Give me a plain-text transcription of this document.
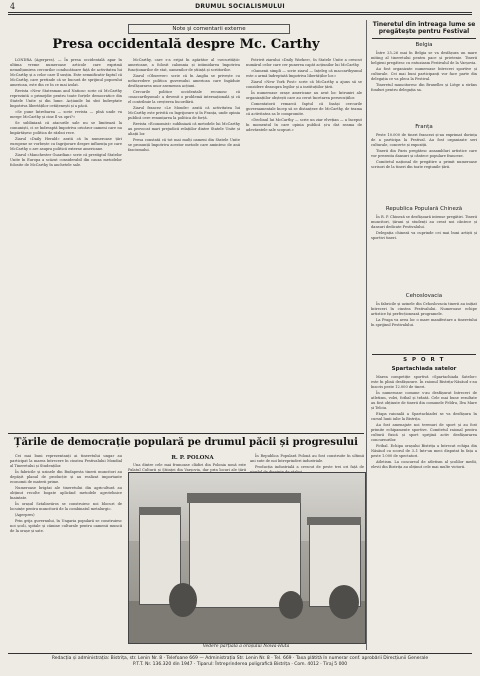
4	DRUMUL SOCIALISMULUI
Note şi comentarii externe
Presa occidentală despre Mc. Carthy

LONDRA (Agerpres). — În presa occidentală apar în ultima vreme numeroase articole care exprimă nemulțumirea cercurilor conducătoare față de activitatea lui McCarthy și a celor care îl susțin. Este semnificativ faptul că McCarthy, care pretinde că se bucură de sprijinul poporului american, este din ce în ce mai izolat.

Revista «New Statesman and Nation» scrie că McCarthy reprezintă o primejdie pentru toate forțele democratice din Statele Unite și din lume. Acțiunile lui sînt îndreptate împotriva libertăților cetățenești și a păcii.

«Se pune întrebarea — scrie revista — pînă unde va merge McCarthy și cine îl va opri?»

Se subliniază că atacurile sale nu se limitează la comuniști, ci se îndreaptă împotriva oricăror oameni care nu împărtășesc politica de război rece.

Ziarul «Daily Herald» arată că în numeroase țări europene se vorbește cu îngrijorare despre influența pe care McCarthy o are asupra politicii externe americane.

Ziarul «Manchester Guardian» scrie că prestigiul Statelor Unite în Europa a scăzut considerabil din cauza metodelor folosite de McCarthy în anchetele sale.

McCarthy, care s-a erijat în apărător al «securității» americane, a folosit calomnia și intimidarea împotriva funcționarilor de stat, oamenilor de știință și scriitorilor.

Ziarul «Observer» scrie că în Anglia se privește cu neîncredere politica guvernului american care îngăduie desfășurarea unor asemenea acțiuni.

Cercurile politice occidentale recunosc că «maccarthysmul» a devenit o problemă internațională și că el contribuie la creșterea încordării.

Ziarul francez «Le Monde» arată că activitatea lui McCarthy este privită cu îngrijorare și în Franța, unde opinia publică cere renunțarea la politica de forță.

Revista «Economist» subliniază că metodele lui McCarthy au provocat mari prejudicii relațiilor dintre Statele Unite și aliații lor.

Presa constată că tot mai mulți oameni din Statele Unite se pronunță împotriva acestor metode care amintesc de anii fascismului.

Potrivit ziarului «Daily Worker», în Statele Unite a crescut numărul celor care cer punerea capăt acțiunilor lui McCarthy.

«Oamenii simpli — scrie ziarul — înțeleg că maccarthysmul este o armă îndreptată împotriva libertăților lor.»

Ziarul «New York Post» scrie că McCarthy a ajuns să se considere deasupra legilor și a instituțiilor țării.

În numeroase orașe americane au avut loc întruniri ale organizațiilor obștești care au cerut încetarea persecuțiilor.

Comentatorii remarcă faptul că însăși cercurile guvernamentale încep să se distanțeze de McCarthy, de teama că activitatea sa le compromite.

«Declinul lui McCarthy — scrie un ziar elvețian — a început în momentul în care opinia publică și-a dat seama de adevăratele sale scopuri.»

Tineretul din întreaga lume se pregătește pentru Festival
Belgia

Între 25–26 mai în Belgia se va desfășura un mare miting al tineretului pentru pace și prietenie. Tinerii belgieni pregătesc cu entuziasm Festivalul de la Varșovia.

Au fost organizate numeroase întreceri sportive și culturale. Cei mai buni participanți vor face parte din delegația ce va pleca la Festival.

Tineretul muncitoresc din Bruxelles și Liège a strâns fonduri pentru delegația sa.

Franța

Peste 10.000 de tineri francezi și-au exprimat dorința de a participa la Festival. Au fost organizate seri culturale, concerte și expoziții.

Tinerii din Paris pregătesc ansambluri artistice care vor prezenta dansuri și cântece populare franceze.

Comitetul național de pregătire a primit numeroase scrisori de la tineri din toate regiunile țării.

Republica Populară Chineză

În R. P. Chineză se desfășoară intense pregătiri. Tinerii muncitori, țărani și studenți au creat noi cântece și dansuri dedicate Festivalului.

Delegația chineză va cuprinde cei mai buni artiști și sportivi tineri.

Cehoslovacia

În fabricile și uzinele din Cehoslovacia tinerii au inițiat întreceri în cinstea Festivalului. Numeroase echipe artistice își perfecționează programele.

La Praga va avea loc o mare manifestare a tineretului în sprijinul Festivalului.

S P O R T
Spartachiada satelor

Marea competiție sportivă «Spartachiada Satelor» este în plină desfășurare. În raionul Bistrița-Năsăud s-au înscris peste 12.000 de tineri.

În numeroase comune s-au desfășurat întreceri de atletism, volei, fotbal și trântă. Cele mai bune rezultate au fost obținute de tinerii din comunele Feldru, Ilva Mare și Telciu.

Etapa raională a Spartachiadei se va desfășura în cursul lunii iulie la Bistrița.

Au fost amenajate noi terenuri de sport și au fost primite echipamente sportive. Comitetul raional pentru cultură fizică și sport sprijină activ desfășurarea concursurilor.

Fotbal. Echipa orașului Bistrița a întrecut echipa din Năsăud cu scorul de 3–1 într-un meci disputat în fața a peste 1.000 de spectatori.

Atletism. La concursul de atletism al școlilor medii, elevii din Bistrița au obținut cele mai multe victorii.

Țările de democrație populară pe drumul păcii și progresului

Cei mai buni reprezentanți ai tineretului ungar au participat la marea întrecere în cinstea Festivalului Mondial al Tineretului și Studenților.

În fabricile și uzinele din Budapesta tinerii muncitori au depășit planul de producție și au realizat importante economii de materii prime.

Numeroase brigăzi ale tineretului din agricultură au obținut recolte bogate aplicând metodele agrotehnice înaintate.

În orașul Sztalinváros se construiesc noi blocuri de locuințe pentru muncitorii de la combinatul metalurgic.

(Agerpres)

Prin grija guvernului, în Ungaria populară se construiesc noi școli, spitale și cămine culturale pentru oamenii muncii de la orașe și sate.

R. P. POLONA

Una dintre cele mai frumoase clădiri din Polonia nouă este Palatul Culturii și Științei din Varșovia, dar prin locuri ale țării

În Republica Populară Polonă au fost construite în ultimii ani sute de noi întreprinderi industriale.

Producția industrială a crescut de peste trei ori față de

Vedere parțială a orașului Nowa-Huta
Redacția și administrația: Bistrița, str. Lenin Nr. 8 · Telefoane 669 — Administrația Str. Lenin Nr. 8 · Tel. 669 · Taxa plătită în numerar conf. aprobării Direcțiunii Generale
P.T.T. Nr. 136.320 din 1947 · Tiparul: Întreprinderea poligrafică Bistrița · Com. 4012 · Tiraj 5 000
